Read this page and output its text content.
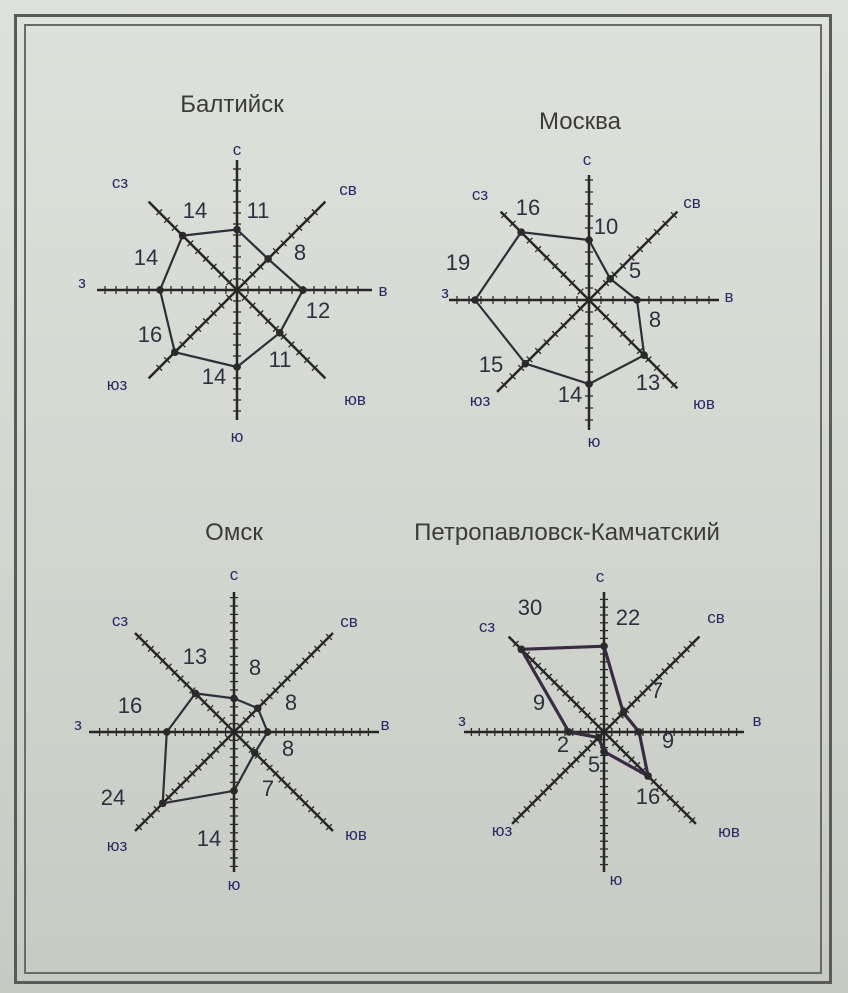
Балтийск
Москва
Омск	Петропавловск-Камчатский
с
св
в
юв
ю
юз
з
сз
11
8
12
11
14
16
14
14
с
св
в
юв
ю
юз
з
сз
10
5
8
13
14
15
19
16
с
св
в
юв
ю
юз
з
сз
8
8
8
7
14
24
16
13
с
св
в
юв
ю
юз
з
сз	22
7
9
16
5
2
9
30
